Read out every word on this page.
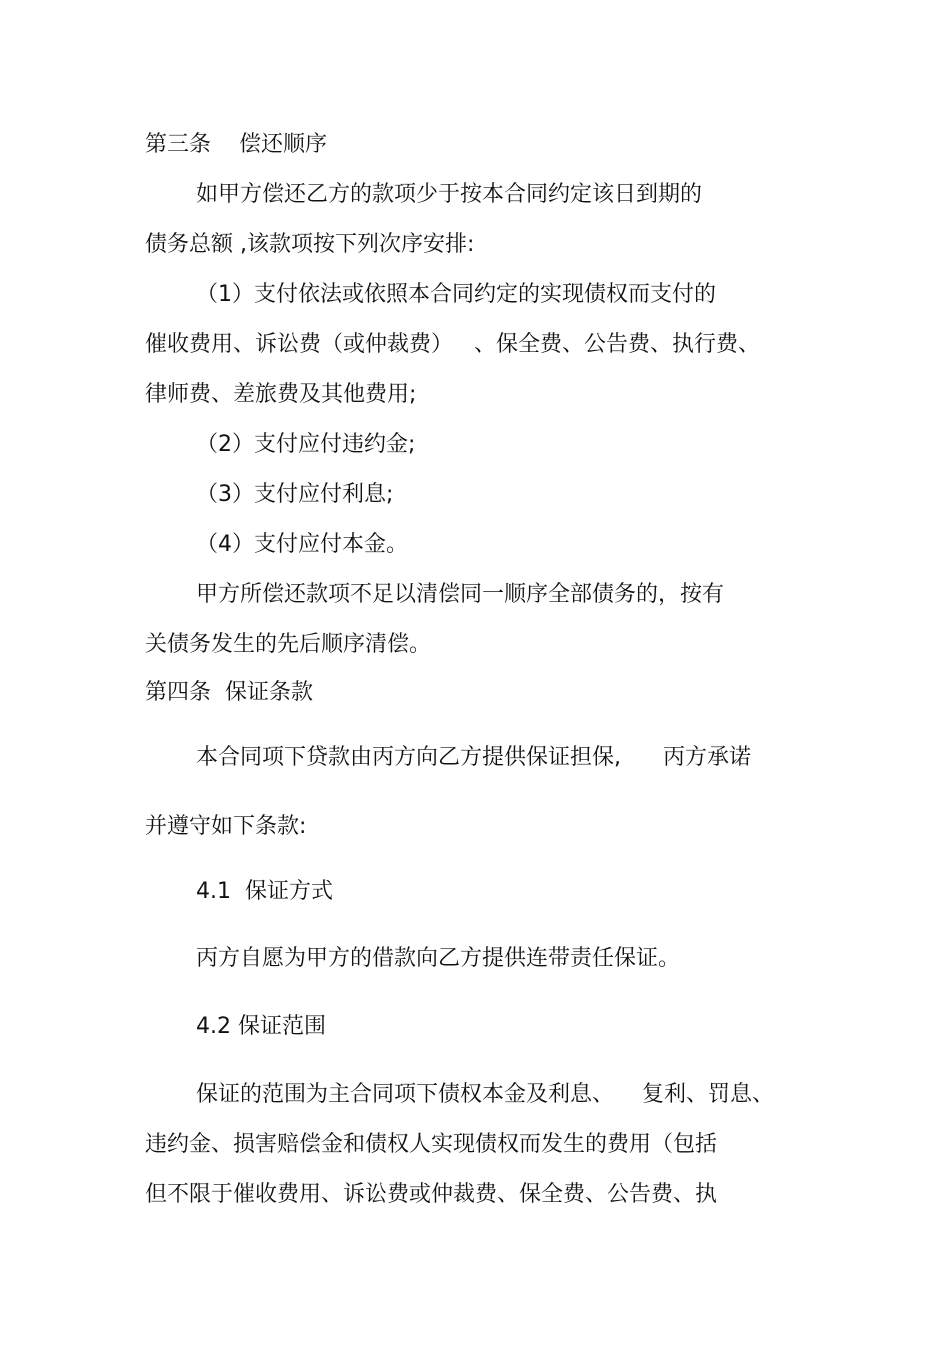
第三条    偿还顺序

如甲方偿还乙方的款项少于按本合同约定该日到期的

债务总额 ,该款项按下列次序安排:

（1）支付依法或依照本合同约定的实现债权而支付的

催收费用、诉讼费（或仲裁费）   、保全费、公告费、执行费、

律师费、差旅费及其他费用;

（2）支付应付违约金;

（3）支付应付利息;

（4）支付应付本金。

甲方所偿还款项不足以清偿同一顺序全部债务的，按有

关债务发生的先后顺序清偿。

第四条  保证条款

本合同项下贷款由丙方向乙方提供保证担保,      丙方承诺

并遵守如下条款:

4.1  保证方式

丙方自愿为甲方的借款向乙方提供连带责任保证。

4.2 保证范围

保证的范围为主合同项下债权本金及利息、    复利、罚息、

违约金、损害赔偿金和债权人实现债权而发生的费用（包括

但不限于催收费用、诉讼费或仲裁费、保全费、公告费、执
